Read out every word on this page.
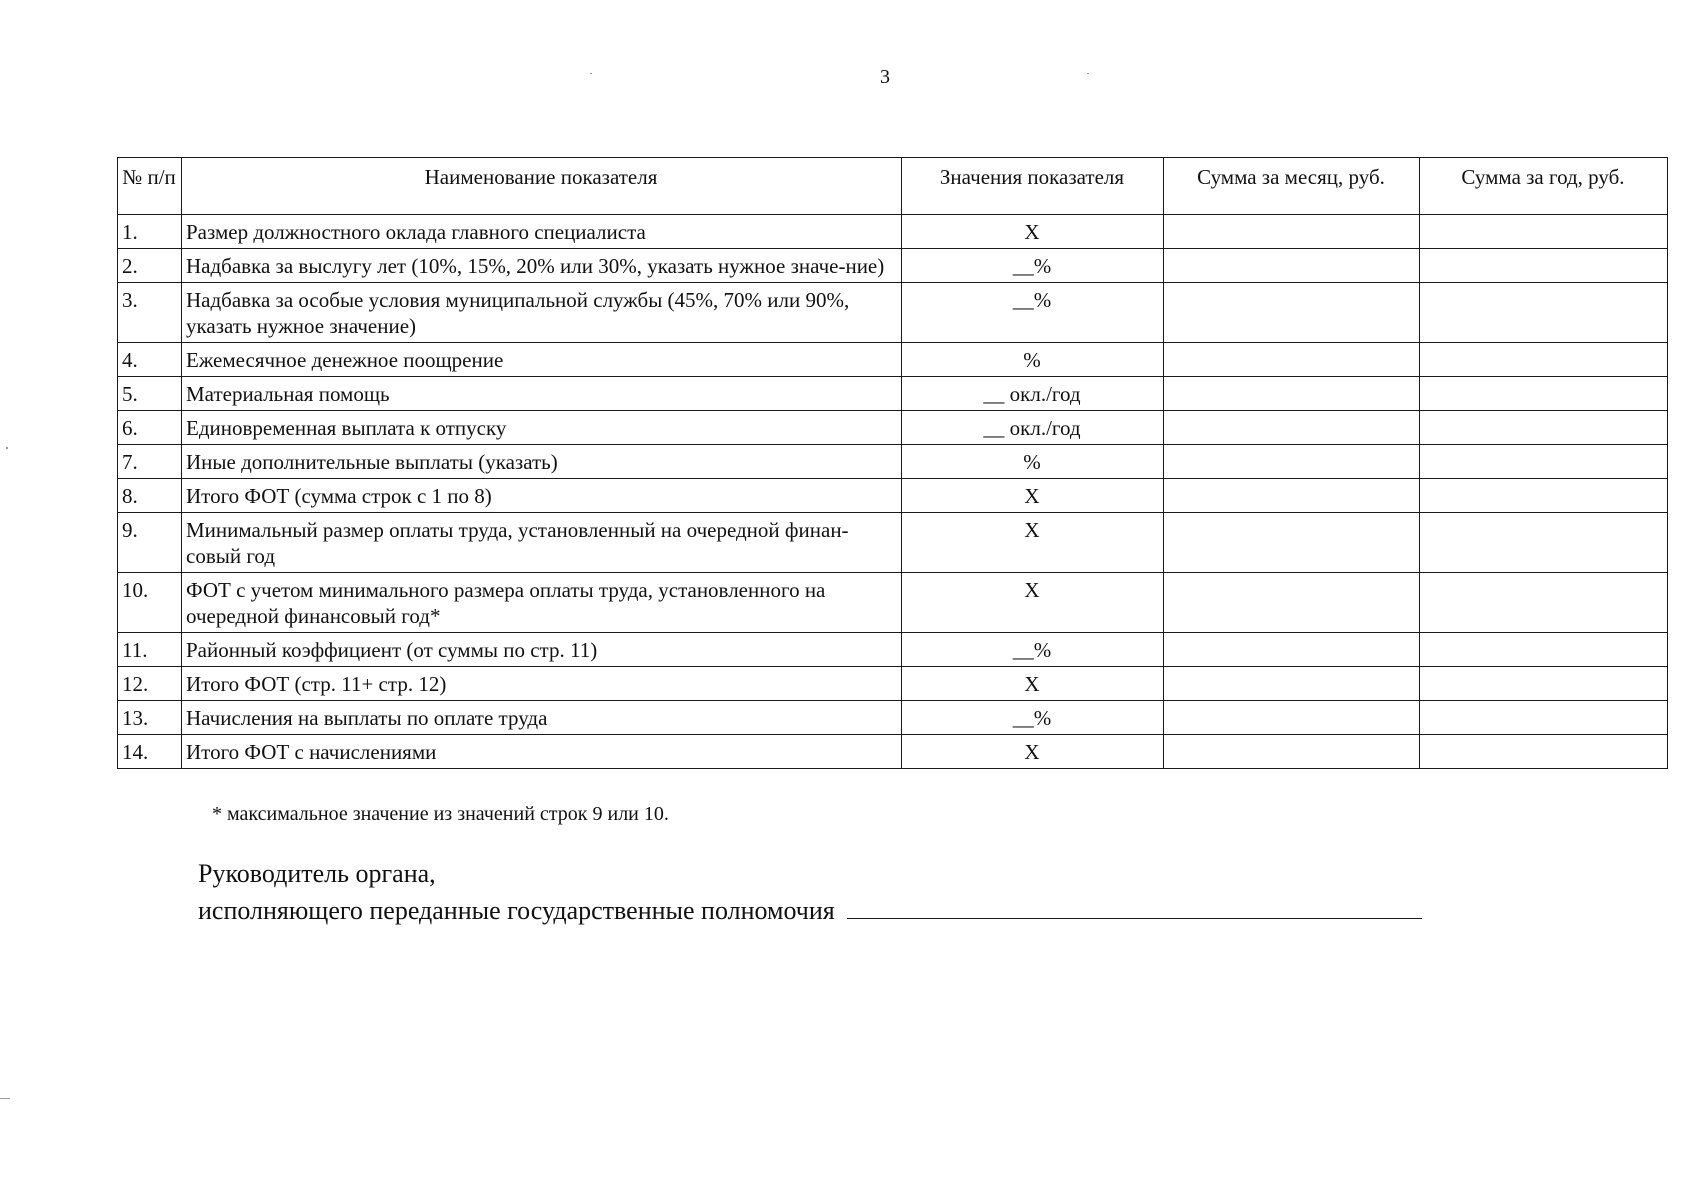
3
№ п/п	Наименование показателя	Значения показателя	Сумма за месяц, руб.	Сумма за год, руб.
1.	Размер должностного оклада главного специалиста	X		
2.	Надбавка за выслугу лет (10%, 15%, 20% или 30%, указать нужное значе-ние)	__%		
3.	Надбавка за особые условия муниципальной службы (45%, 70% или 90%, указать нужное значение)	__%		
4.	Ежемесячное денежное поощрение	%		
5.	Материальная помощь	__ окл./год		
6.	Единовременная выплата к отпуску	__ окл./год		
7.	Иные дополнительные выплаты (указать)	%		
8.	Итого ФОТ (сумма строк с 1 по 8)	X		
9.	Минимальный размер оплаты труда, установленный на очередной финан-совый год	X		
10.	ФОТ с учетом минимального размера оплаты труда, установленного на очередной финансовый год*	X		
11.	Районный коэффициент (от суммы по стр. 11)	__%		
12.	Итого ФОТ (стр. 11+ стр. 12)	X		
13.	Начисления на выплаты по оплате труда	__%		
14.	Итого ФОТ с начислениями	X		
* максимальное значение из значений строк 9 или 10.
Руководитель органа,
исполняющего переданные государственные полномочия
